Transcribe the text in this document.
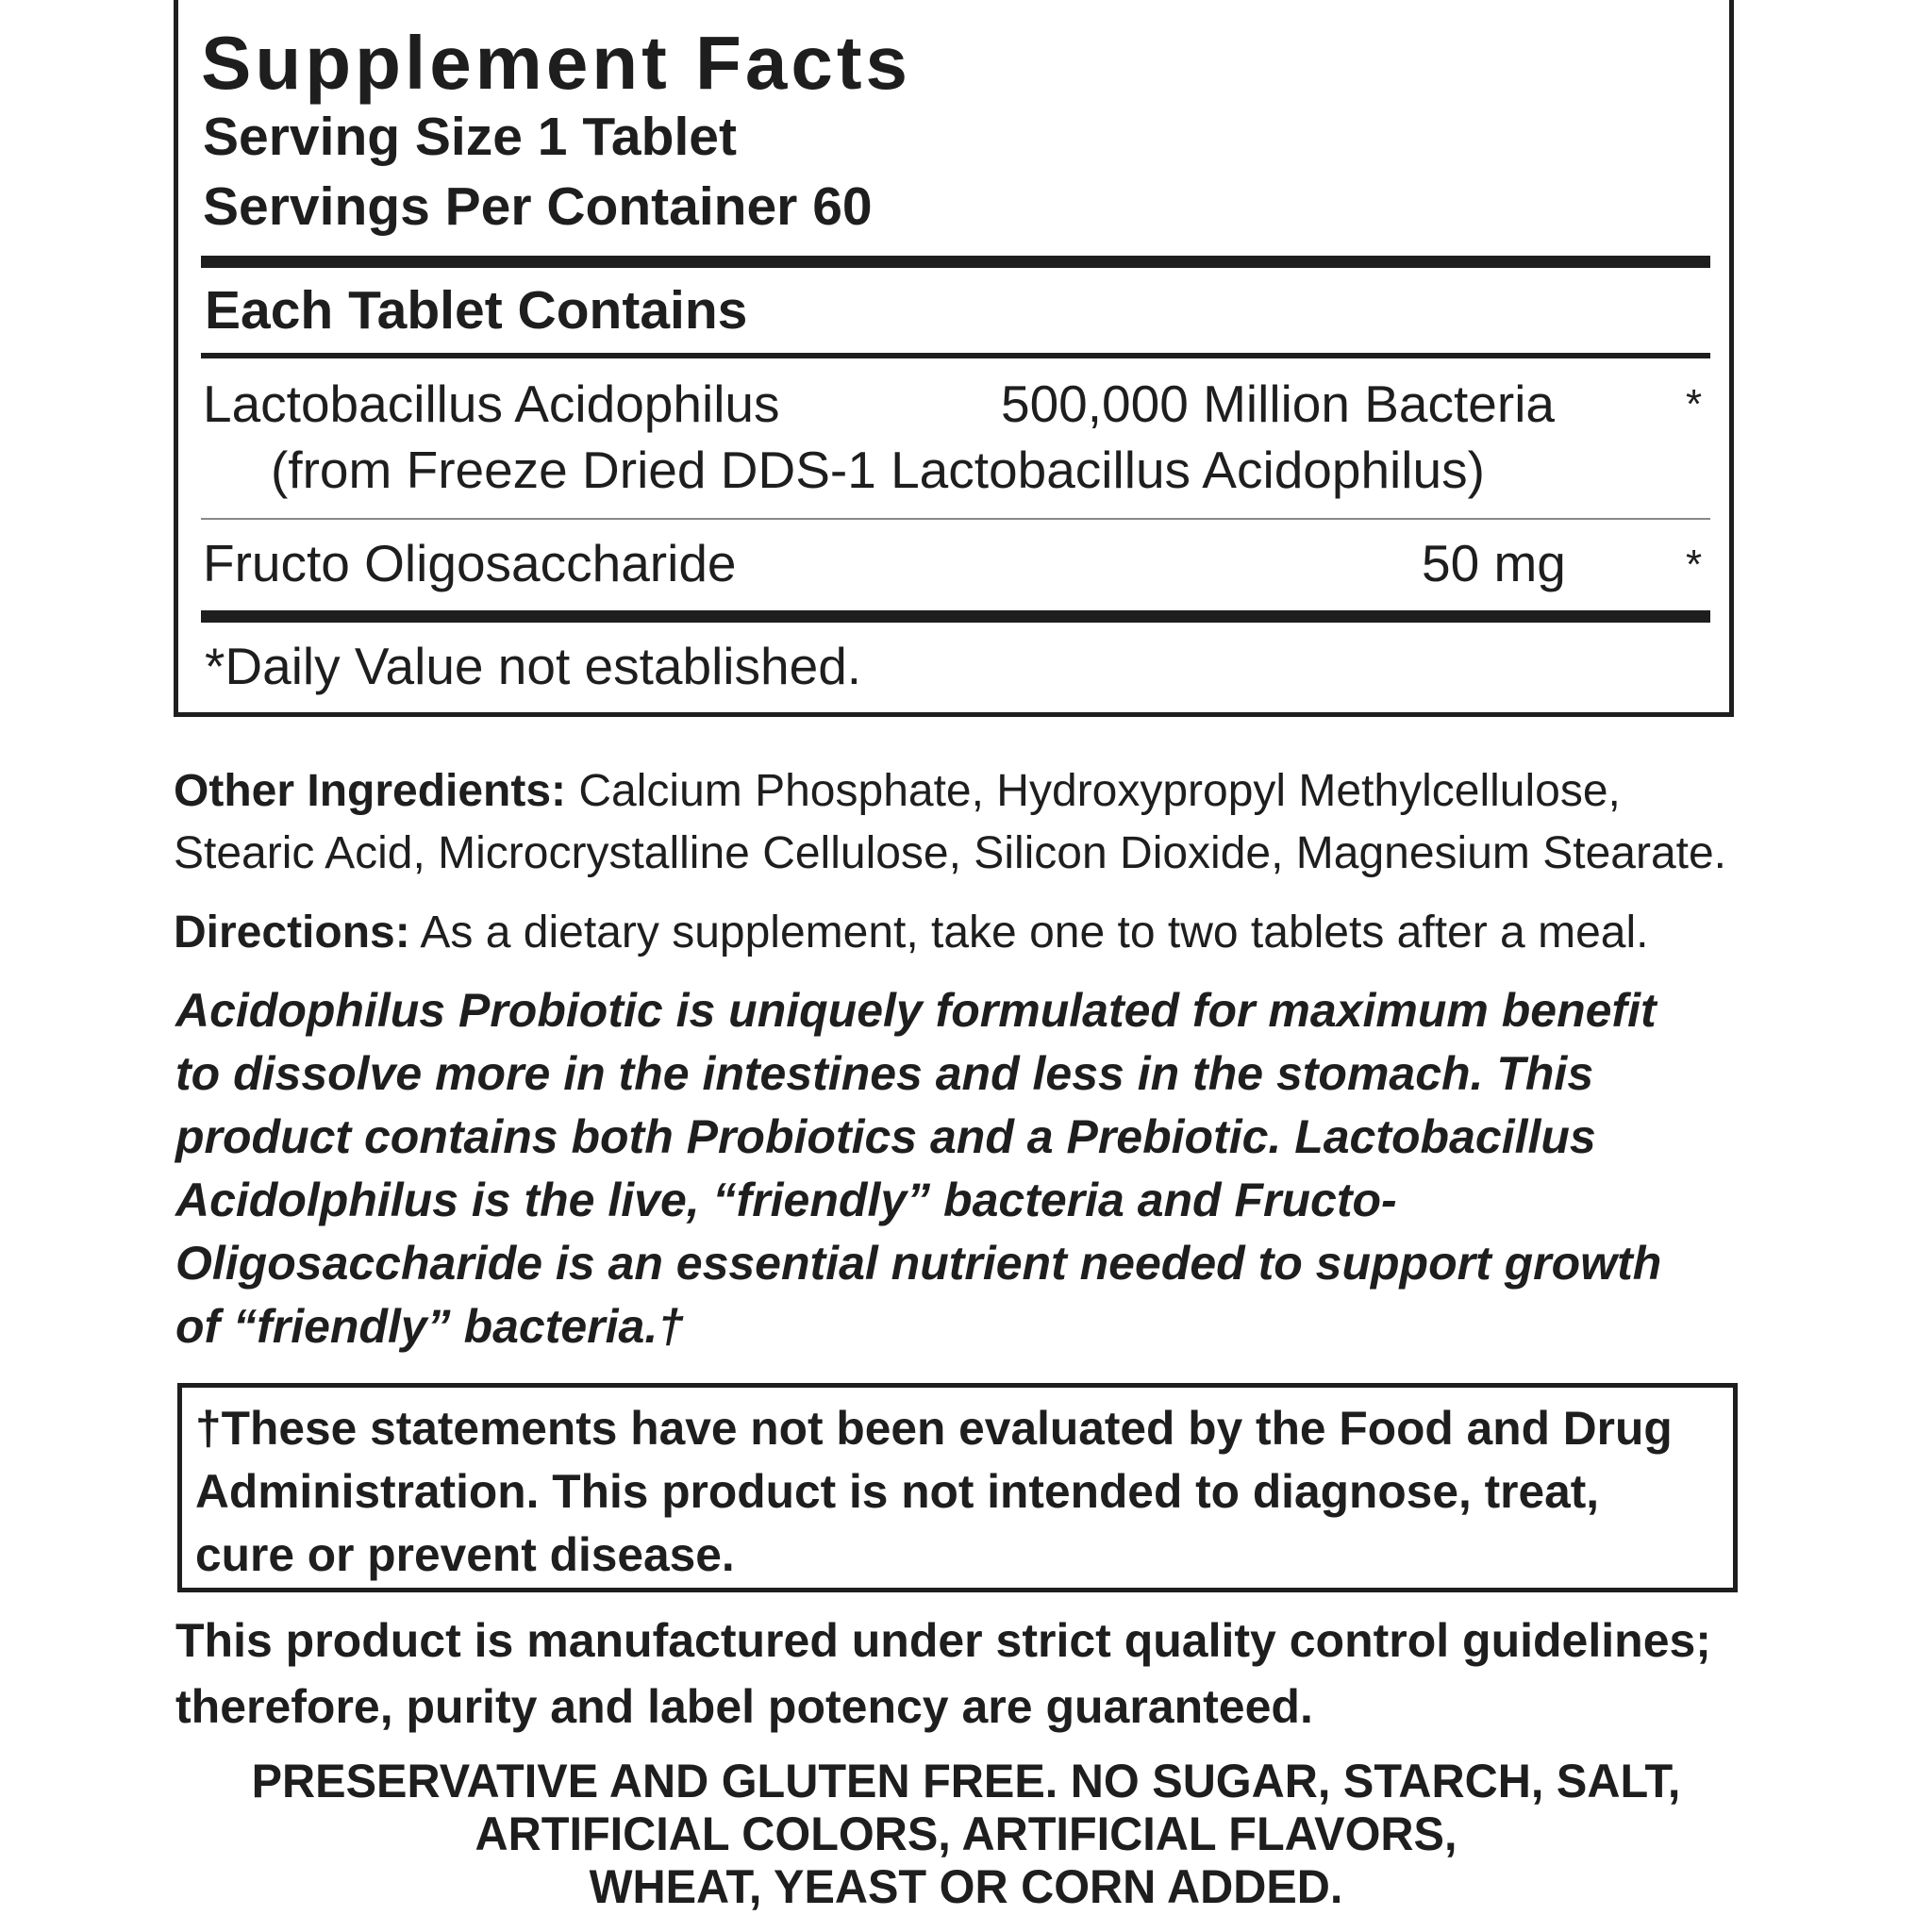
Supplement Facts
Serving Size 1 Tablet
Servings Per Container 60
Each Tablet Contains
Lactobacillus Acidophilus	500,000 Million Bacteria	*
(from Freeze Dried DDS-1 Lactobacillus Acidophilus)
Fructo Oligosaccharide	50 mg	*
*Daily Value not established.
Other Ingredients: Calcium Phosphate, Hydroxypropyl Methylcellulose,
Stearic Acid, Microcrystalline Cellulose, Silicon Dioxide, Magnesium Stearate.
Directions: As a dietary supplement, take one to two tablets after a meal.
Acidophilus Probiotic is uniquely formulated for maximum benefit
to dissolve more in the intestines and less in the stomach. This
product contains both Probiotics and a Prebiotic. Lactobacillus
Acidolphilus is the live, “friendly” bacteria and Fructo-
Oligosaccharide is an essential nutrient needed to support growth
of “friendly” bacteria.†
†These statements have not been evaluated by the Food and Drug Administration. This product is not intended to diagnose, treat, cure or prevent disease.
This product is manufactured under strict quality control guidelines;
therefore, purity and label potency are guaranteed.
PRESERVATIVE AND GLUTEN FREE. NO SUGAR, STARCH, SALT,
ARTIFICIAL COLORS, ARTIFICIAL FLAVORS,
WHEAT, YEAST OR CORN ADDED.
